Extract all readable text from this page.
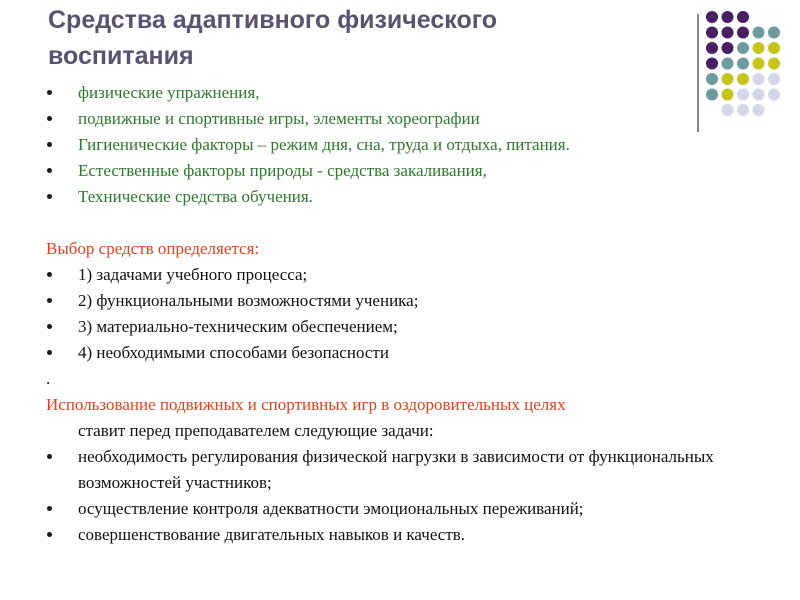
Средства адаптивного физического
воспитания
физические упражнения,
подвижные и спортивные игры, элементы хореографии
Гигиенические факторы – режим дня, сна, труда и отдыха, питания.
Естественные факторы природы - средства закаливания,
Технические средства обучения.
Выбор средств определяется:
1) задачами учебного процесса;
2) функциональными возможностями ученика;
3) материально-техническим обеспечением;
4) необходимыми способами безопасности
.
Использование подвижных и спортивных игр в оздоровительных целях
ставит перед преподавателем следующие задачи:
необходимость регулирования физической нагрузки в зависимости от функциональных возможностей участников;
осуществление контроля адекватности эмоциональных переживаний;
совершенствование двигательных навыков и качеств.
